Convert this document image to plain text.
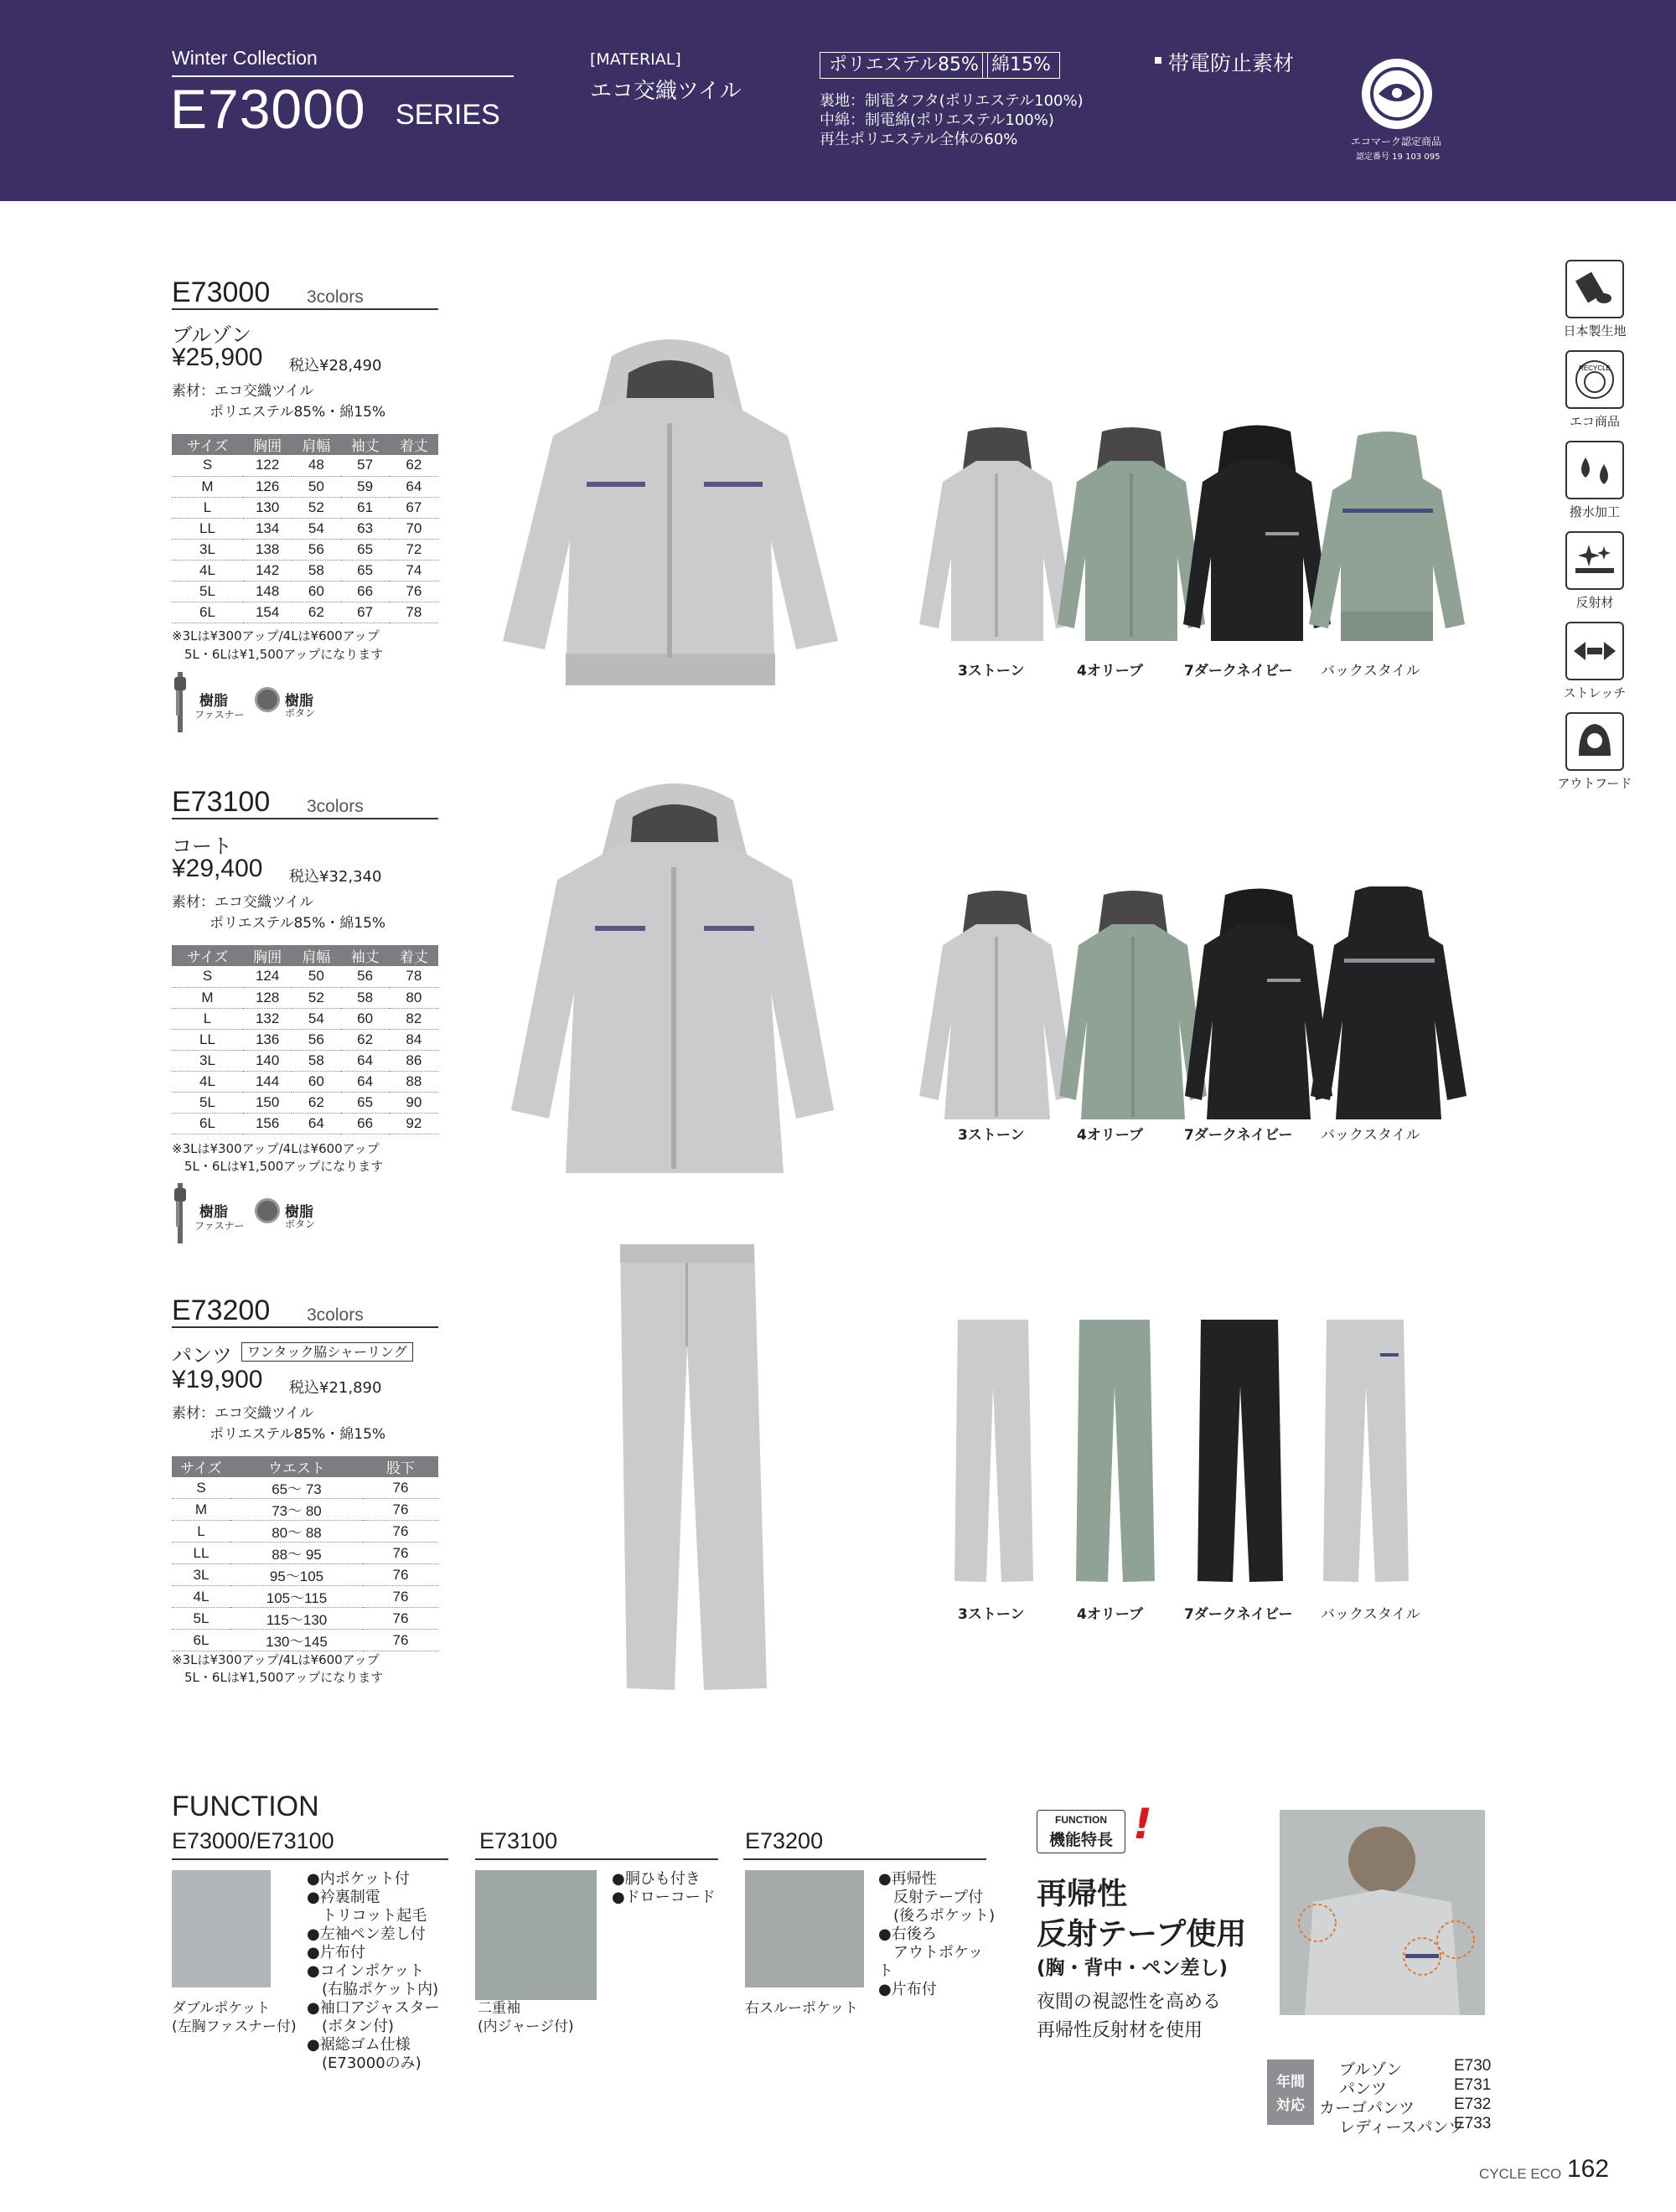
Winter Collection
E73000 SERIES
[MATERIAL]
エコ交織ツイル
ポリエステル85% 綿15%
裏地：制電タフタ(ポリエステル100%)
中綿：制電綿(ポリエステル100%)
再生ポリエステル全体の60%
帯電防止素材
エコマーク認定商品
認定番号 19 103 095
日本製生地
RECYCLE
エコ商品
撥水加工
反射材
ストレッチ
アウトフード
E73000 3colors
ブルゾン
¥25,900 税込¥28,490
素材：エコ交織ツイル
ポリエステル85%・綿15%
サイズ	胸囲	肩幅	袖丈	着丈
S	122	48	57	62
M	126	50	59	64
L	130	52	61	67
LL	134	54	63	70
3L	138	56	65	72
4L	142	58	65	74
5L	148	60	66	76
6L	154	62	67	78
※3Lは¥300アップ/4Lは¥600アップ
5L・6Lは¥1,500アップになります
樹脂
ファスナー
樹脂
ボタン
3ストーン	4オリーブ	7ダークネイビー バックスタイル
E73100 3colors
コート
¥29,400 税込¥32,340
素材：エコ交織ツイル
ポリエステル85%・綿15%
サイズ	胸囲	肩幅	袖丈	着丈
S	124	50	56	78
M	128	52	58	80
L	132	54	60	82
LL	136	56	62	84
3L	140	58	64	86
4L	144	60	64	88
5L	150	62	65	90
6L	156	64	66	92
※3Lは¥300アップ/4Lは¥600アップ
5L・6Lは¥1,500アップになります
樹脂
ファスナー
樹脂
ボタン
3ストーン	4オリーブ	7ダークネイビー バックスタイル
E73200 3colors
パンツ	ワンタック脇シャーリング
¥19,900 税込¥21,890
素材：エコ交織ツイル
ポリエステル85%・綿15%
サイズ	ウエスト	股下
S	65～ 73	76
M	73～ 80	76
L	80～ 88	76
LL	88～ 95	76
3L	95～105	76
4L	105～115	76
5L	115～130	76
6L	130～145	76
※3Lは¥300アップ/4Lは¥600アップ
5L・6Lは¥1,500アップになります
3ストーン	4オリーブ	7ダークネイビー バックスタイル
FUNCTION
E73000/E73100
ダブルポケット
(左胸ファスナー付)
●内ポケット付
●衿裏制電
　トリコット起毛
●左袖ペン差し付
●片布付
●コインポケット
　(右脇ポケット内)
●袖口アジャスター
　(ボタン付)
●裾総ゴム仕様
　(E73000のみ)
E73100
二重袖
(内ジャージ付)
●胴ひも付き
●ドローコード
E73200
右スルーポケット
●再帰性
　反射テープ付
　(後ろポケット)
●右後ろ
　アウトポケット
●片布付
FUNCTION
機能特長 !
再帰性
反射テープ使用
(胸・背中・ペン差し)
夜間の視認性を高める
再帰性反射材を使用
年間
対応
ブルゾン	E730
パンツ	E731
カーゴパンツ E732
レディースパンツ
E733
CYCLE ECO 162
